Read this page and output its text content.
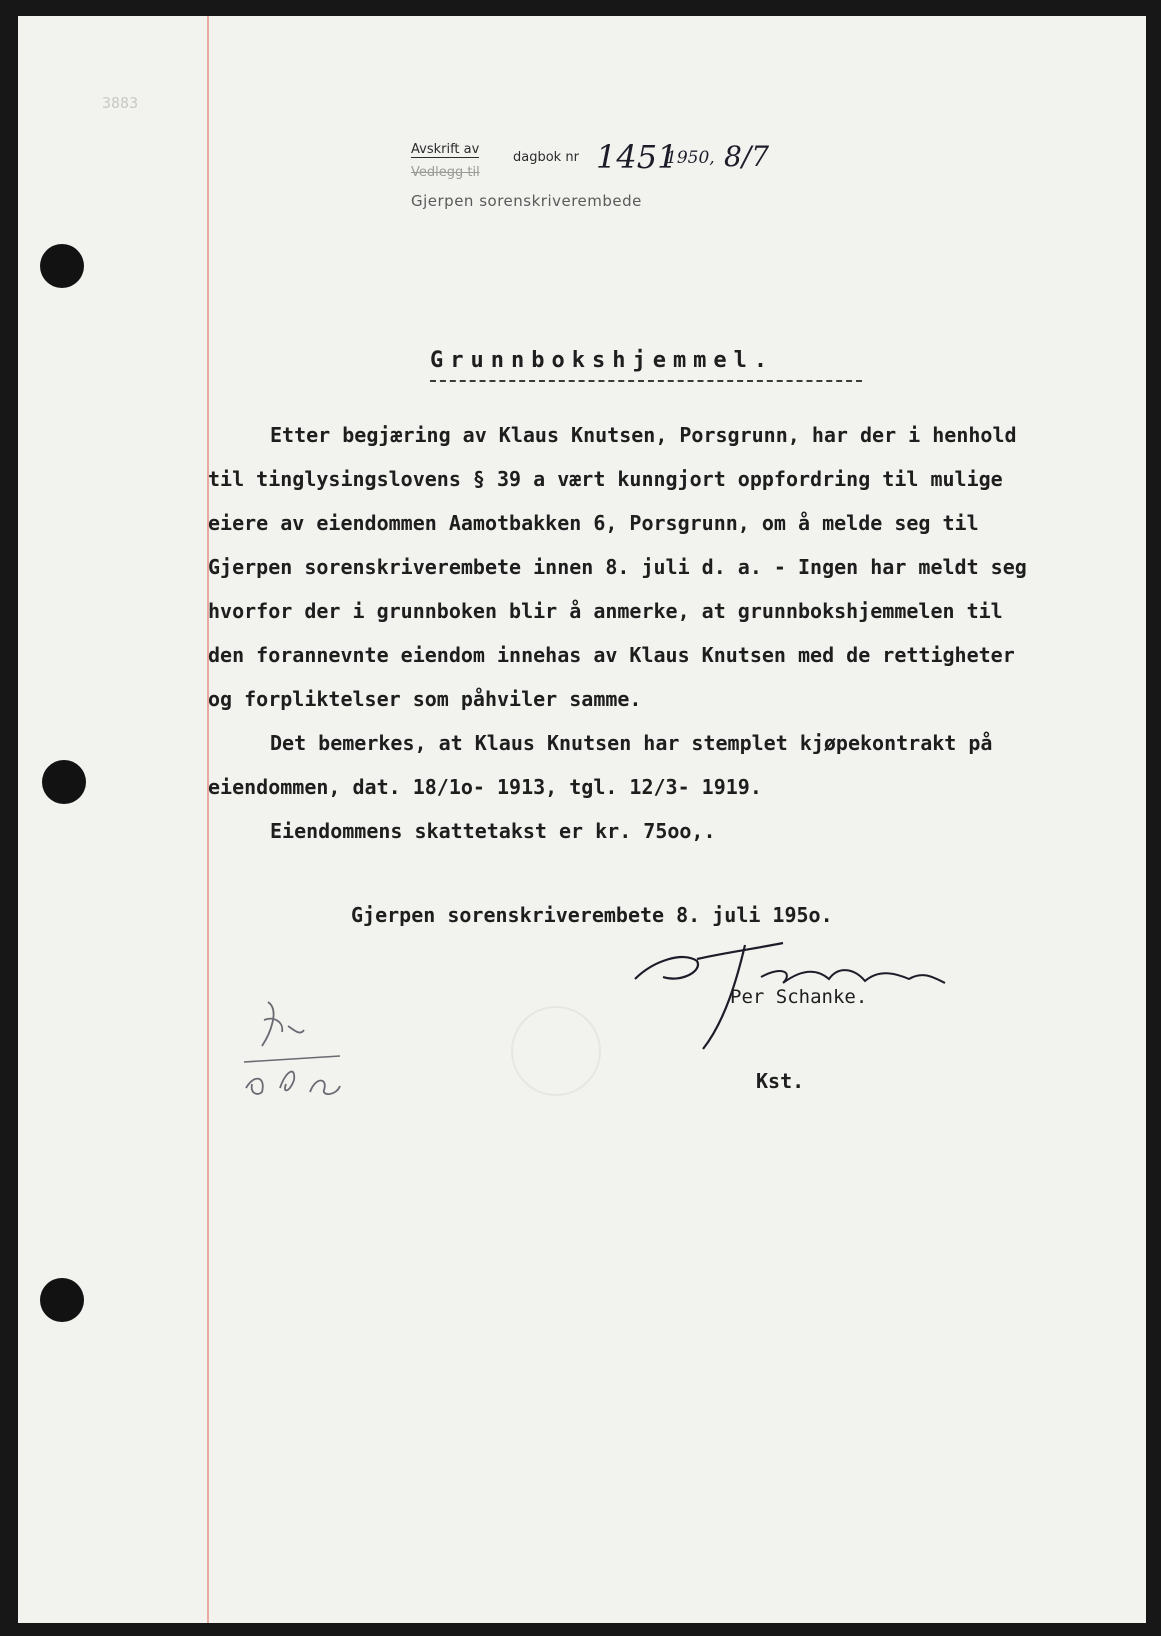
3883
Avskrift av
Vedlegg til
dagbok nr 1451
1950, 8/7
Gjerpen sorenskriverembede
Grunnbokshjemmel.
Etter begjæring av Klaus Knutsen, Porsgrunn, har der i henhold
til tinglysingslovens § 39 a vært kunngjort oppfordring til mulige
eiere av eiendommen Aamotbakken 6, Porsgrunn, om å melde seg til
Gjerpen sorenskriverembete innen 8. juli d. a. - Ingen har meldt seg
hvorfor der i grunnboken blir å anmerke, at grunnbokshjemmelen til
den forannevnte eiendom innehas av Klaus Knutsen med de rettigheter
og forpliktelser som påhviler samme.
Det bemerkes, at Klaus Knutsen har stemplet kjøpekontrakt på
eiendommen, dat. 18/1o- 1913, tgl. 12/3- 1919.
Eiendommens skattetakst er kr. 75oo,.
Gjerpen sorenskriverembete 8. juli 195o.
Per Schanke.
Kst.
